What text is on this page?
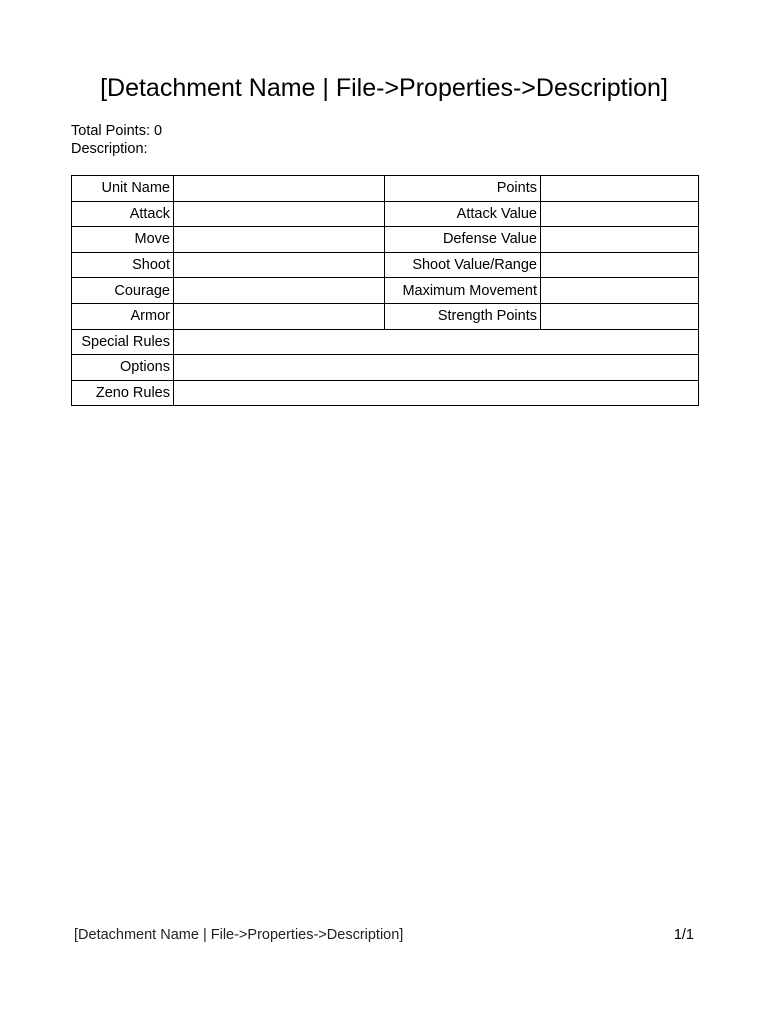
[Detachment Name | File->Properties->Description]
Total Points: 0
Description:
Unit Name		Points	
Attack		Attack Value	
Move		Defense Value	
Shoot		Shoot Value/Range	
Courage		Maximum Movement	
Armor		Strength Points	
Special Rules			
Options			
Zeno Rules			
[Detachment Name | File->Properties->Description]	1/1
